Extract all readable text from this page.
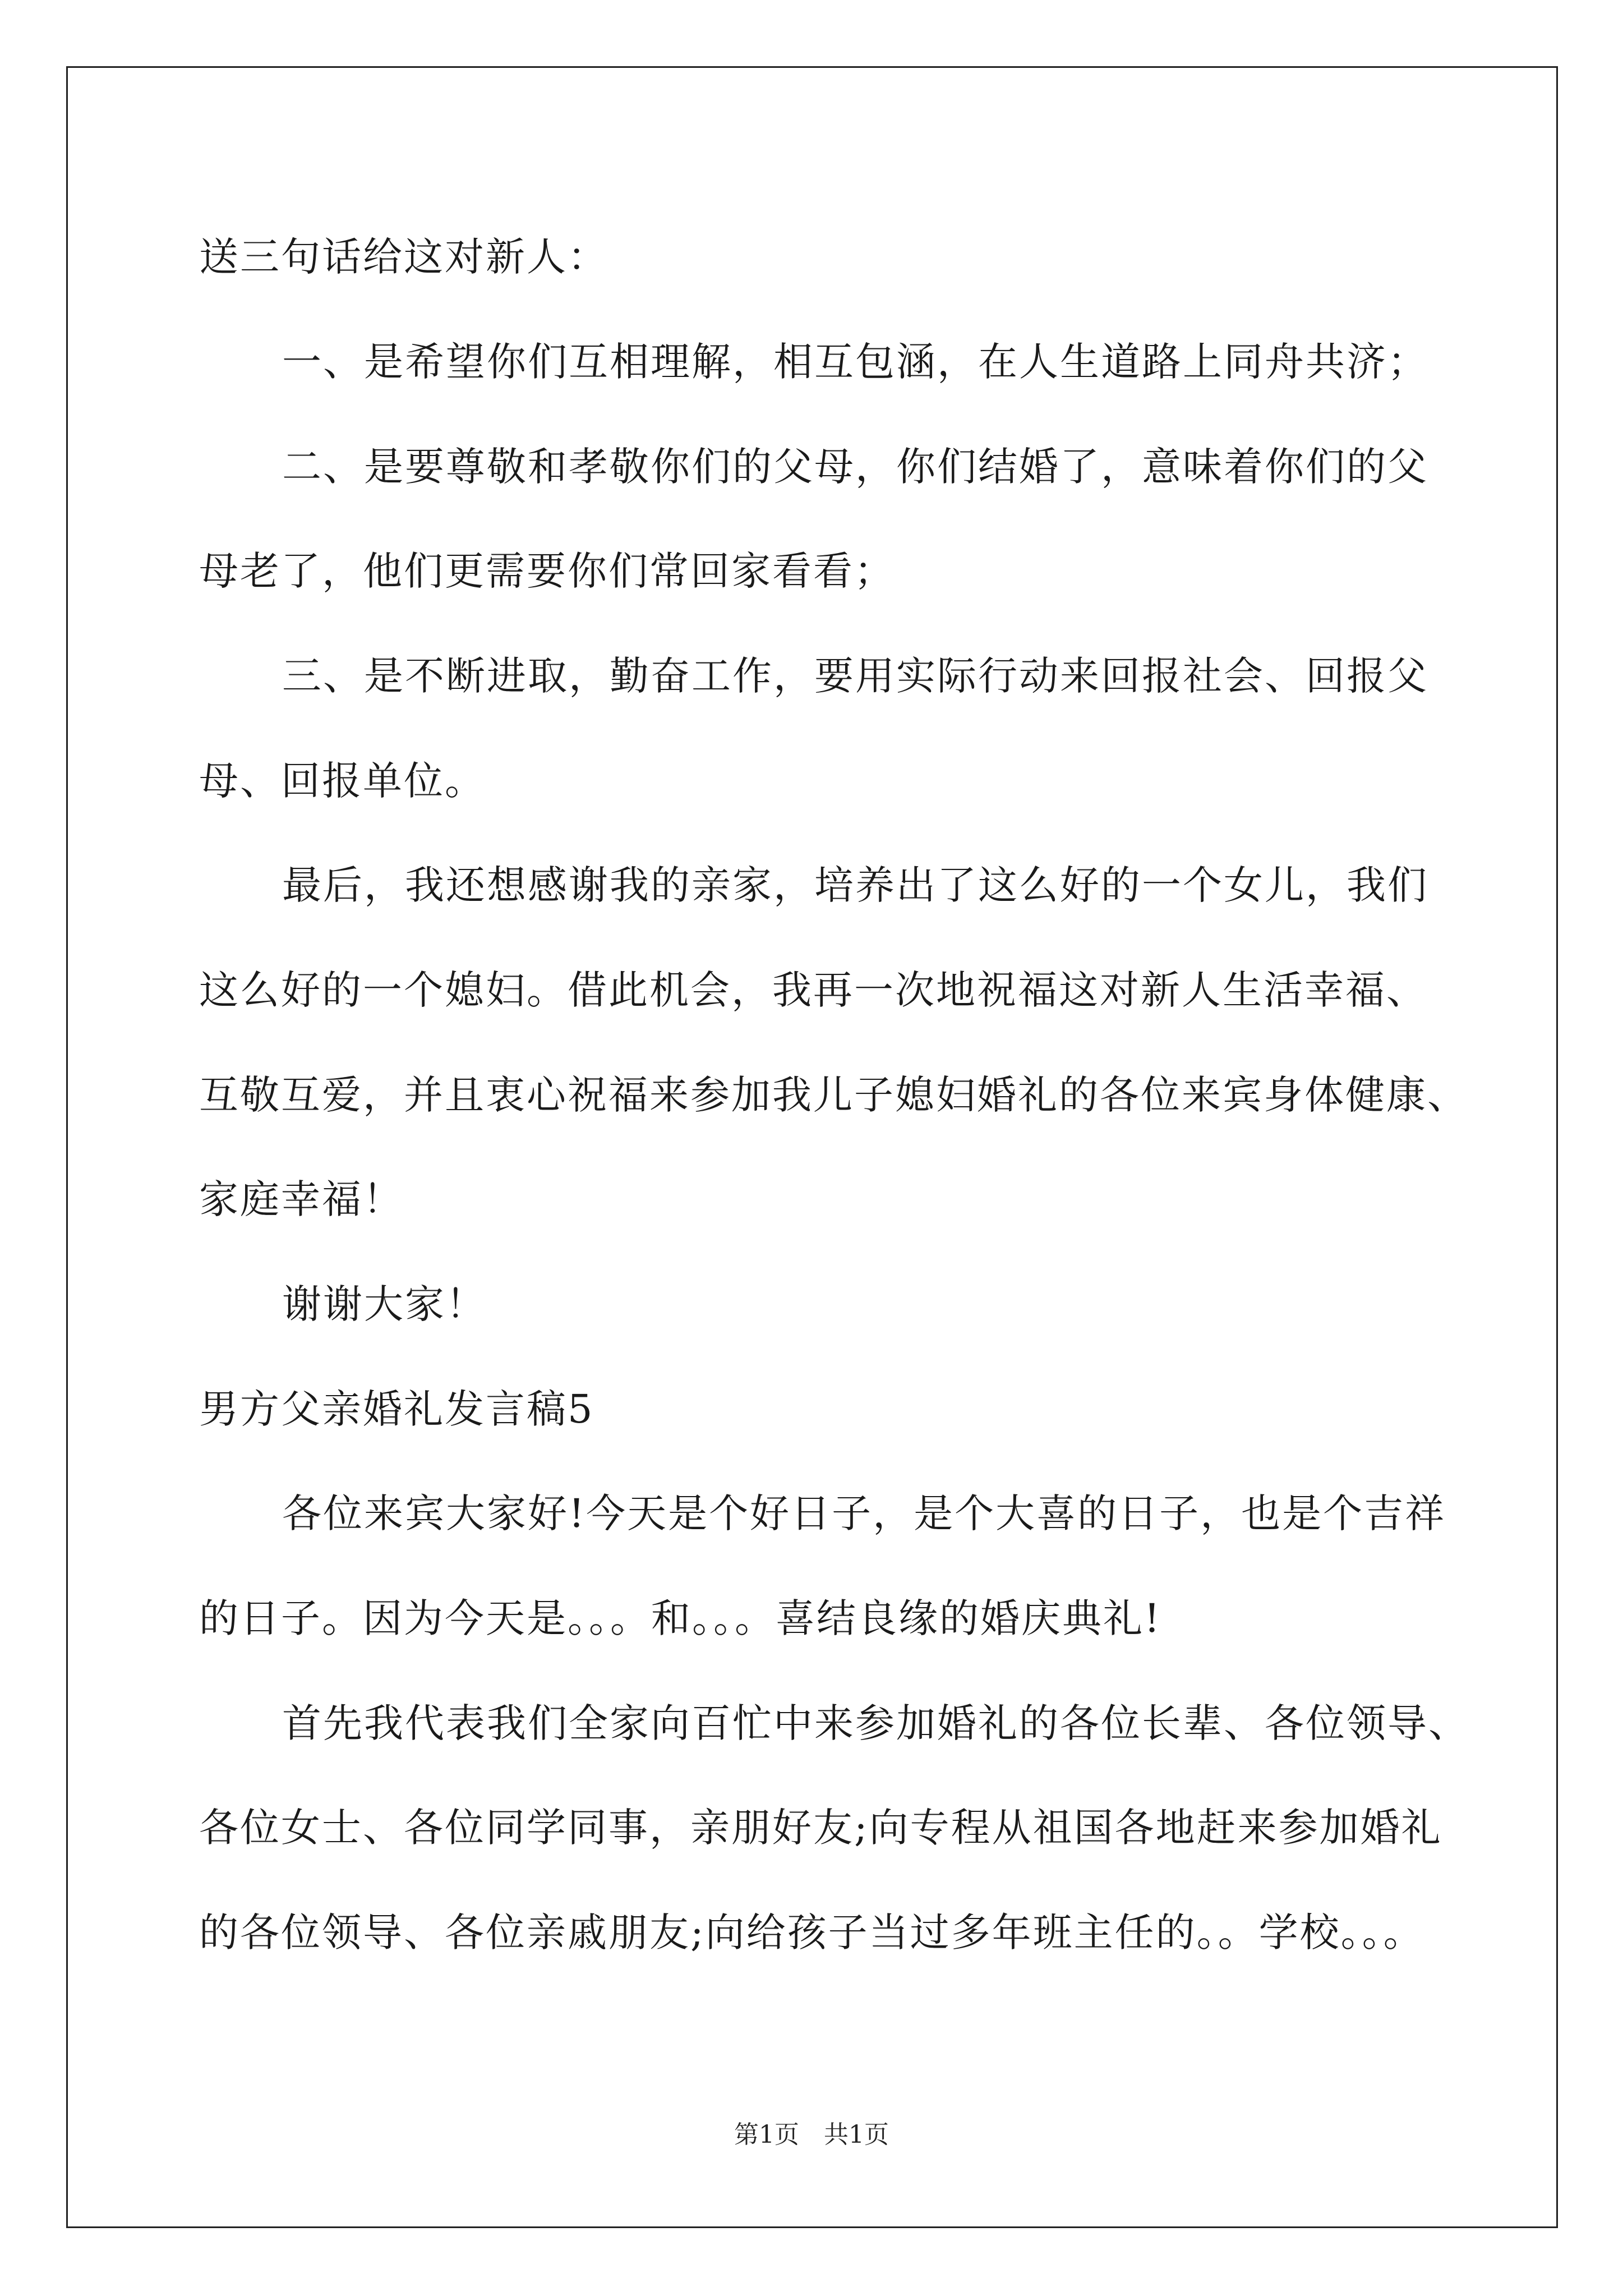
送三句话给这对新人：
一、是希望你们互相理解，相互包涵，在人生道路上同舟共济；
二、是要尊敬和孝敬你们的父母，你们结婚了，意味着你们的父
母老了，他们更需要你们常回家看看；
三、是不断进取，勤奋工作，要用实际行动来回报社会、回报父
母、回报单位。
最后，我还想感谢我的亲家，培养出了这么好的一个女儿，我们
这么好的一个媳妇。借此机会，我再一次地祝福这对新人生活幸福、
互敬互爱，并且衷心祝福来参加我儿子媳妇婚礼的各位来宾身体健康、
家庭幸福！
谢谢大家！
男方父亲婚礼发言稿5
各位来宾大家好!今天是个好日子，是个大喜的日子，也是个吉祥
的日子。因为今天是。。。和。。。喜结良缘的婚庆典礼!
首先我代表我们全家向百忙中来参加婚礼的各位长辈、各位领导、
各位女士、各位同学同事，亲朋好友;向专程从祖国各地赶来参加婚礼
的各位领导、各位亲戚朋友;向给孩子当过多年班主任的。。学校。。。
第1页　共1页
